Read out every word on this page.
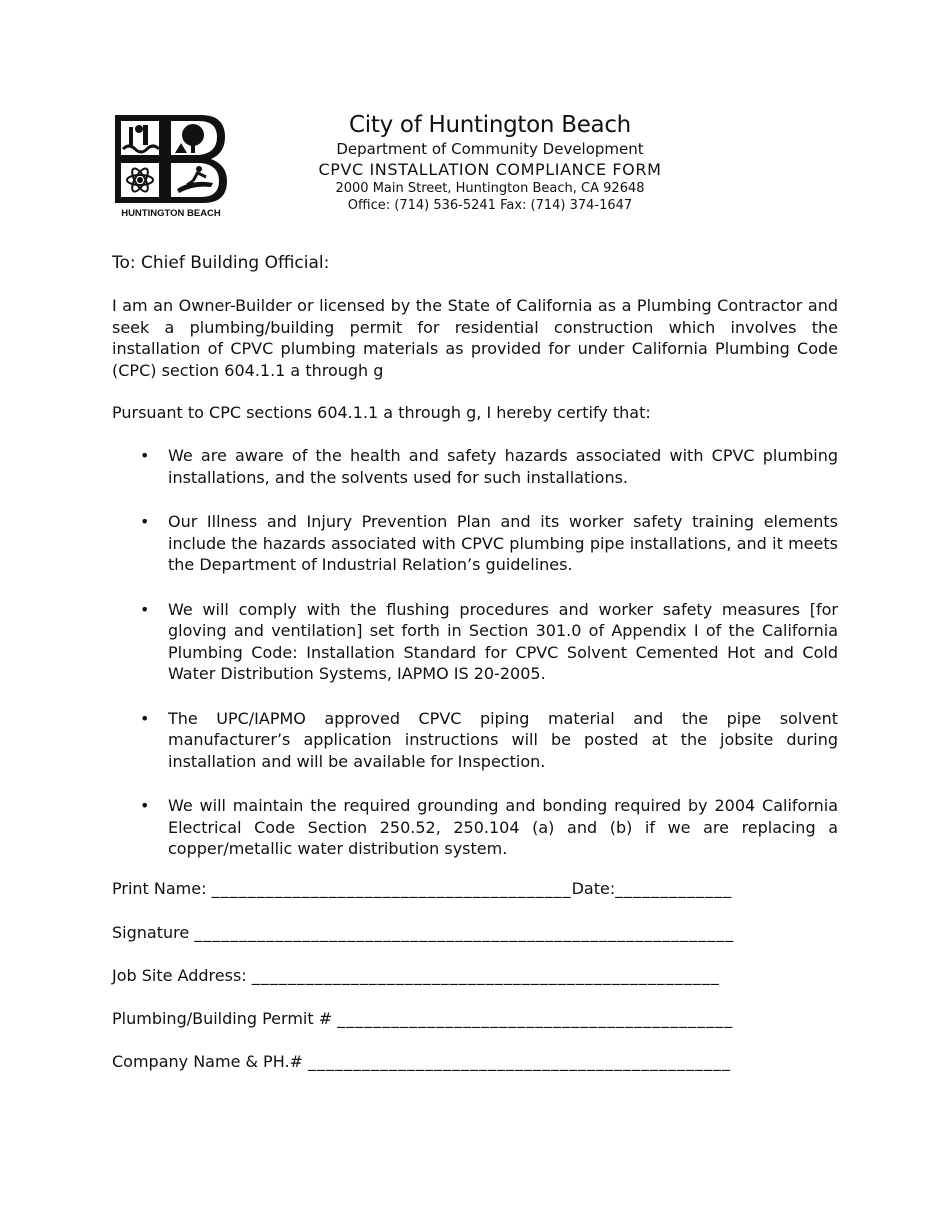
HUNTINGTON BEACH
City of Huntington Beach
Department of Community Development
CPVC INSTALLATION COMPLIANCE FORM
2000 Main Street, Huntington Beach, CA 92648
Office: (714) 536-5241 Fax: (714) 374-1647
To: Chief Building Official:
I am an Owner-Builder or licensed by the State of California as a Plumbing Contractor and seek a plumbing/building permit for residential construction which involves the installation of CPVC plumbing materials as provided for under California Plumbing Code (CPC) section 604.1.1 a through g
Pursuant to CPC sections 604.1.1 a through g, I hereby certify that:
• We are aware of the health and safety hazards associated with CPVC plumbing installations, and the solvents used for such installations.
• Our Illness and Injury Prevention Plan and its worker safety training elements include the hazards associated with CPVC plumbing pipe installations, and it meets the Department of Industrial Relation’s guidelines.
• We will comply with the flushing procedures and worker safety measures [for gloving and ventilation] set forth in Section 301.0 of Appendix I of the California Plumbing Code: Installation Standard for CPVC Solvent Cemented Hot and Cold Water Distribution Systems, IAPMO IS 20-2005.
• The UPC/IAPMO approved CPVC piping material and the pipe solvent manufacturer’s application instructions will be posted at the jobsite during installation and will be available for Inspection.
• We will maintain the required grounding and bonding required by 2004 California Electrical Code Section 250.52, 250.104 (a) and (b) if we are replacing a copper/metallic water distribution system.
Print Name: ________________________________________Date:_____________
Signature ____________________________________________________________
Job Site Address: ____________________________________________________
Plumbing/Building Permit # ____________________________________________
Company Name & PH.# _______________________________________________
